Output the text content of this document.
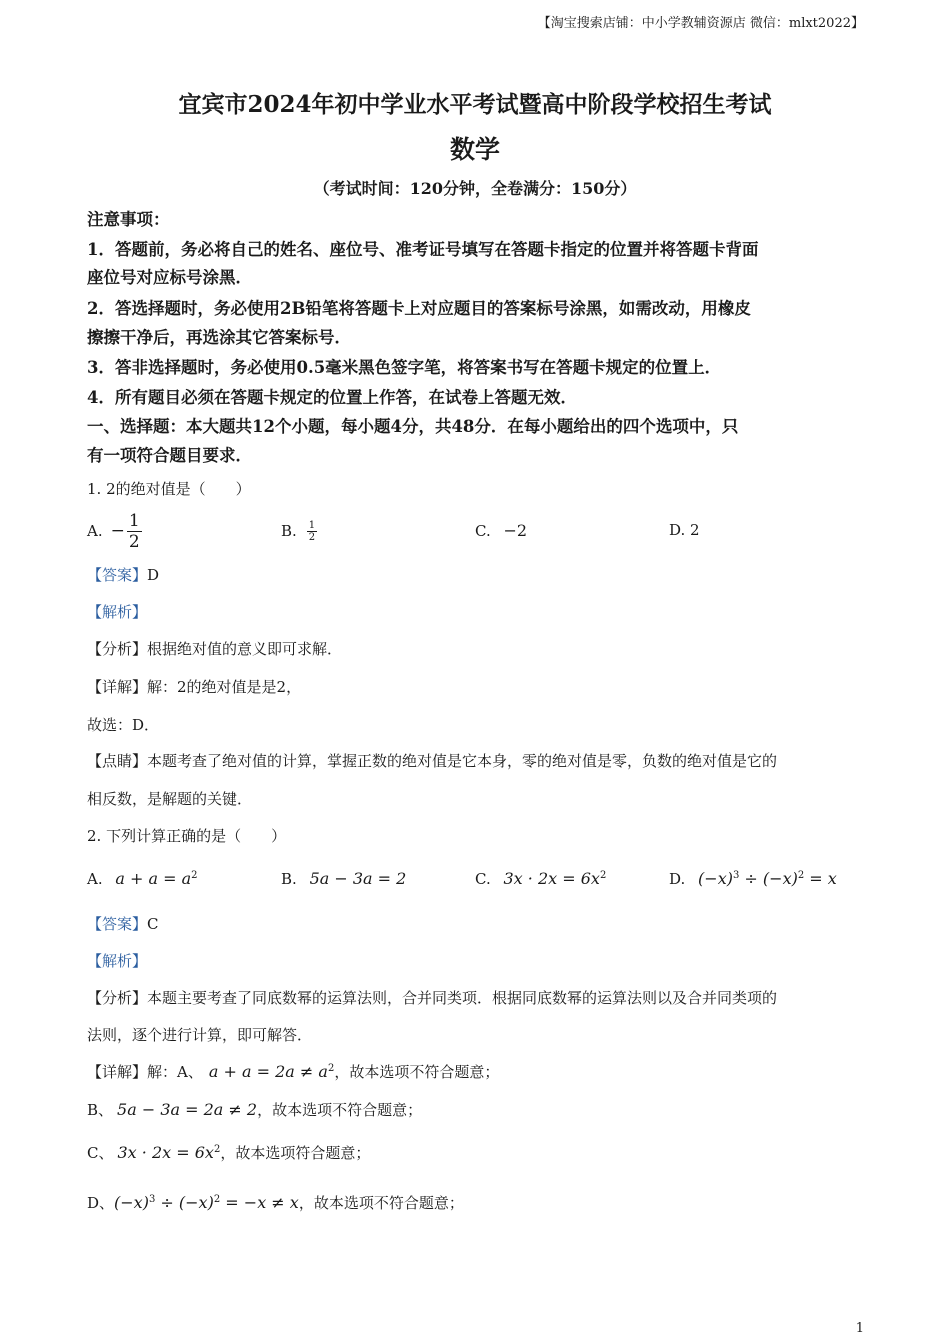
【淘宝搜索店铺：中小学教辅资源店 微信：mlxt2022】
宜宾市2024年初中学业水平考试暨高中阶段学校招生考试
数学
（考试时间：120分钟，全卷满分：150分）
注意事项：
1．答题前，务必将自己的姓名、座位号、准考证号填写在答题卡指定的位置并将答题卡背面
座位号对应标号涂黑．
2．答选择题时，务必使用2B铅笔将答题卡上对应题目的答案标号涂黑，如需改动，用橡皮
擦擦干净后，再选涂其它答案标号．
3．答非选择题时，务必使用0.5毫米黑色签字笔，将答案书写在答题卡规定的位置上．
4．所有题目必须在答题卡规定的位置上作答，在试卷上答题无效．
一、选择题：本大题共12个小题，每小题4分，共48分．在每小题给出的四个选项中，只
有一项符合题目要求．
1. 2的绝对值是（　　）
A. − $\frac{1}{2}$	B. $\frac{1}{2}$	C. −2	D. 2
【答案】D
【解析】
【分析】根据绝对值的意义即可求解．
【详解】解：2的绝对值是是2，
故选：D．
【点睛】本题考查了绝对值的计算，掌握正数的绝对值是它本身，零的绝对值是零，负数的绝对值是它的
相反数，是解题的关键．
2. 下列计算正确的是（　　）
A. $a + a = a^2$	B. 5a − 3a = 2	C. $3x \cdot 2x = 6x^2$	D. $(-x)^3 \div (-x)^2 = x$
【答案】C
【解析】
【分析】本题主要考查了同底数幂的运算法则，合并同类项．根据同底数幂的运算法则以及合并同类项的
法则，逐个进行计算，即可解答．
【详解】解：A、 $a + a = 2a \ne a^2$，故本选项不符合题意；
B、 5a − 3a = 2a ≠ 2，故本选项不符合题意；
C、 $3x \cdot 2x = 6x^2$，故本选项符合题意；
D、$(-x)^3 \div (-x)^2 = -x \ne x$，故本选项不符合题意；
1
